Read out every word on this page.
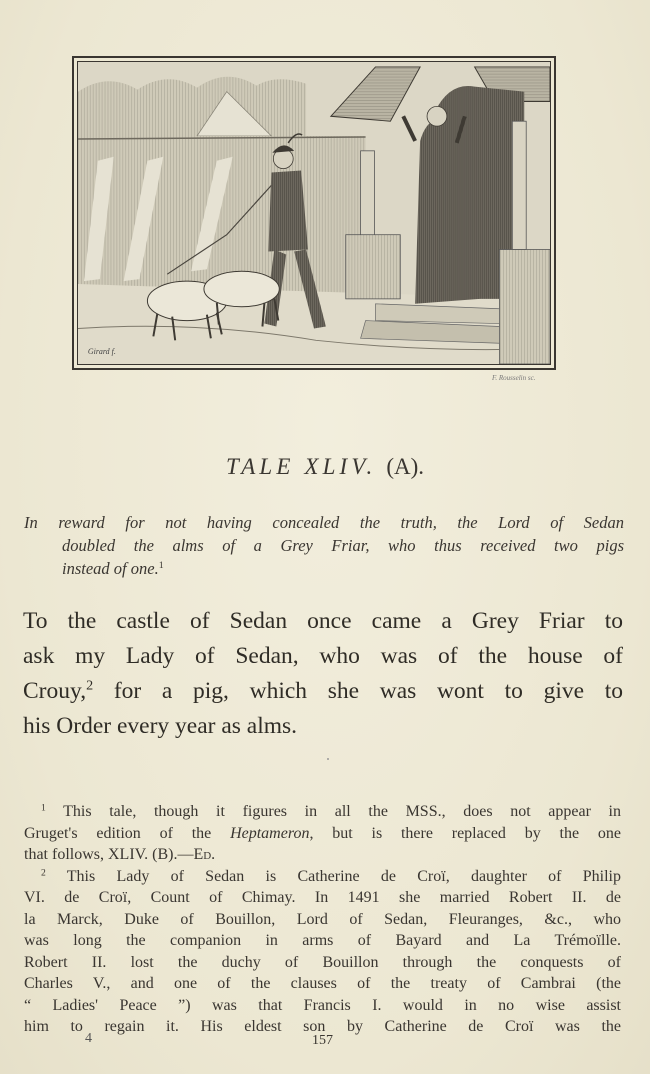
Girard f.
F. Rousselin sc.
TALE XLIV. (A).
In reward for not having concealed the truth, the Lord of Sedan
doubled the alms of a Grey Friar, who thus received two pigs
instead of one.$^1$
To the castle of Sedan once came a Grey Friar to
ask my Lady of Sedan, who was of the house of
Crouy,$^2$ for a pig, which she was wont to give to
his Order every year as alms.
$^1$ This tale, though it figures in all the MSS., does not appear in
Gruget's edition of the Heptameron, but is there replaced by the one
that follows, XLIV. (B).—Ed.
$^2$ This Lady of Sedan is Catherine de Croï, daughter of Philip
VI. de Croï, Count of Chimay. In 1491 she married Robert II. de
la Marck, Duke of Bouillon, Lord of Sedan, Fleuranges, &c., who
was long the companion in arms of Bayard and La Trémoïlle.
Robert II. lost the duchy of Bouillon through the conquests of
Charles V., and one of the clauses of the treaty of Cambrai (the
“ Ladies' Peace ”) was that Francis I. would in no wise assist
him to regain it. His eldest son by Catherine de Croï was the
4	157
